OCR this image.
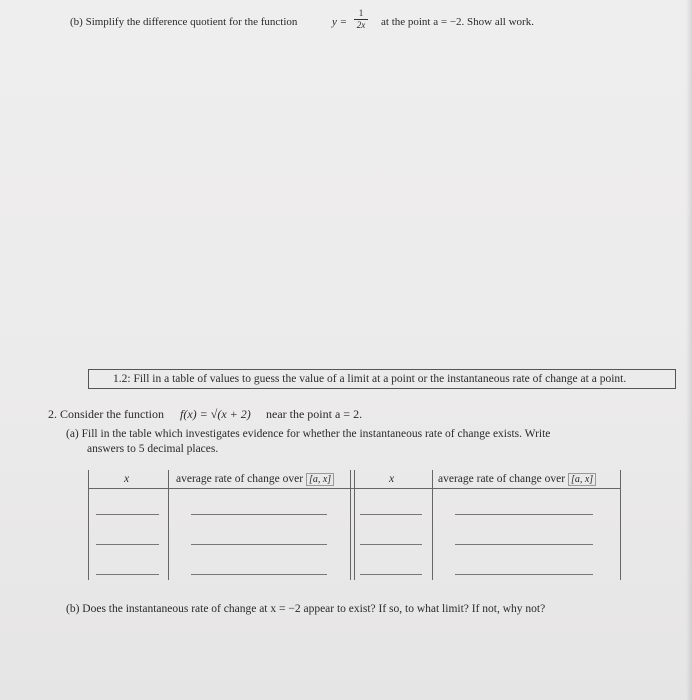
(b) Simplify the difference quotient for the function	y =
1
2x	at the point a = −2. Show all work.
1.2: Fill in a table of values to guess the value of a limit at a point or the instantaneous rate of change at a point.
2. Consider the function f(x) = √(x + 2) near the point a = 2.
(a) Fill in the table which investigates evidence for whether the instantaneous rate of change exists. Write
answers to 5 decimal places.
x	average rate of change over [a, x]	x	average rate of change over [a, x]
(b) Does the instantaneous rate of change at x = −2 appear to exist? If so, to what limit? If not, why not?
